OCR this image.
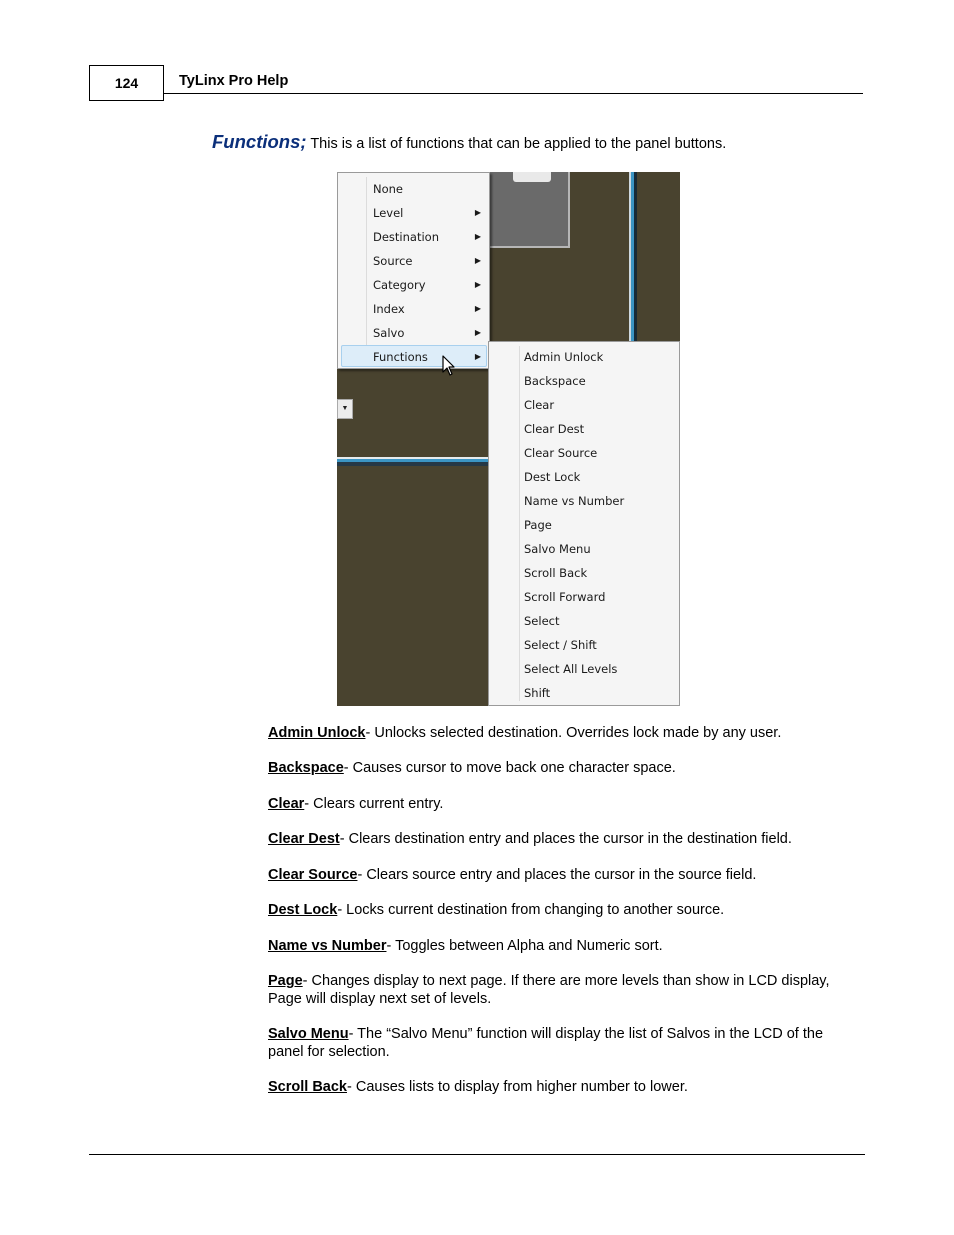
124	TyLinx Pro Help
Functions; This is a list of functions that can be applied to the panel buttons.
▼
None
Level	▶
Destination	▶
Source	▶
Category	▶
Index	▶
Salvo	▶
Functions	▶	Admin Unlock
Backspace
Clear
Clear Dest
Clear Source
Dest Lock
Name vs Number
Page
Salvo Menu
Scroll Back
Scroll Forward
Select
Select / Shift
Select All Levels
Shift
Admin Unlock- Unlocks selected destination. Overrides lock made by any user.
Backspace- Causes cursor to move back one character space.
Clear- Clears current entry.
Clear Dest- Clears destination entry and places the cursor in the destination field.
Clear Source- Clears source entry and places the cursor in the source field.
Dest Lock- Locks current destination from changing to another source.
Name vs Number- Toggles between Alpha and Numeric sort.
Page- Changes display to next page. If there are more levels than show in LCD display, Page will display next set of levels.
Salvo Menu- The “Salvo Menu” function will display the list of Salvos in the LCD of the panel for selection.
Scroll Back- Causes lists to display from higher number to lower.
